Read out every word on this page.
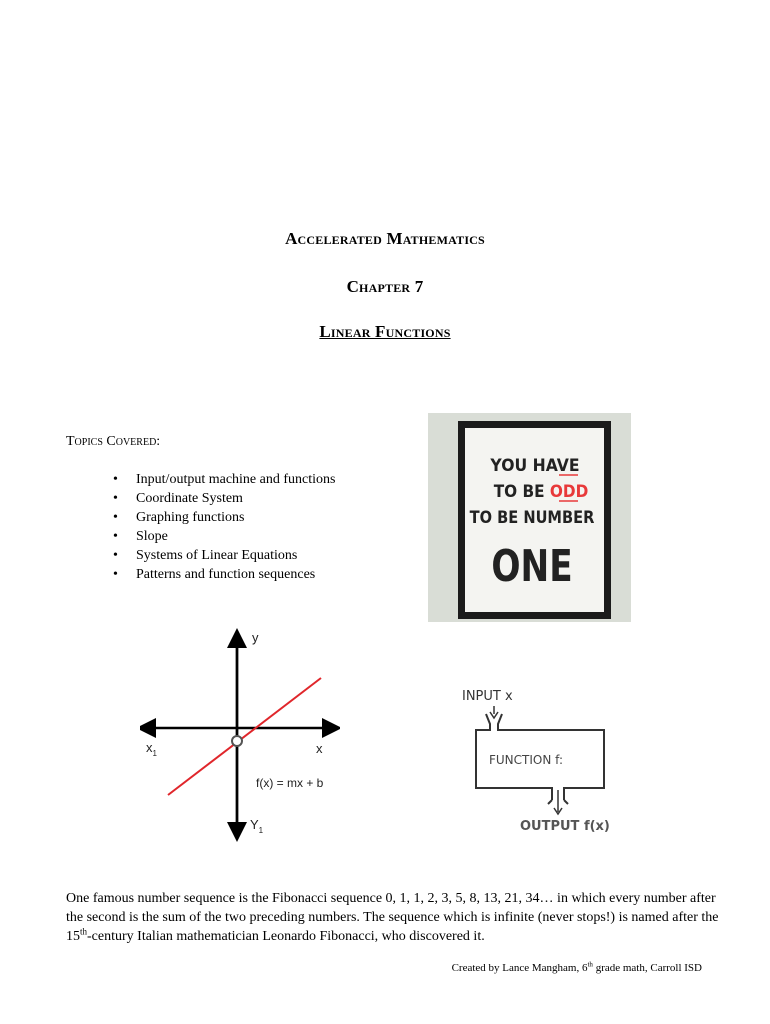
Accelerated Mathematics
Chapter 7
Linear Functions
Topics Covered:
• Input/output machine and functions
• Coordinate System
• Graphing functions
• Slope
• Systems of Linear Equations
• Patterns and function sequences
YOU HAVE
TO BE ODD
TO BE NUMBER
ONE
y
x
$x_1$
$Y_1$
f(x) = mx + b
INPUT x
FUNCTION f:
OUTPUT f(x)
One famous number sequence is the Fibonacci sequence 0, 1, 1, 2, 3, 5, 8, 13, 21, 34… in which every number after the second is the sum of the two preceding numbers. The sequence which is infinite (never stops!) is named after the 15th-century Italian mathematician Leonardo Fibonacci, who discovered it.
Created by Lance Mangham, 6th grade math, Carroll ISD
